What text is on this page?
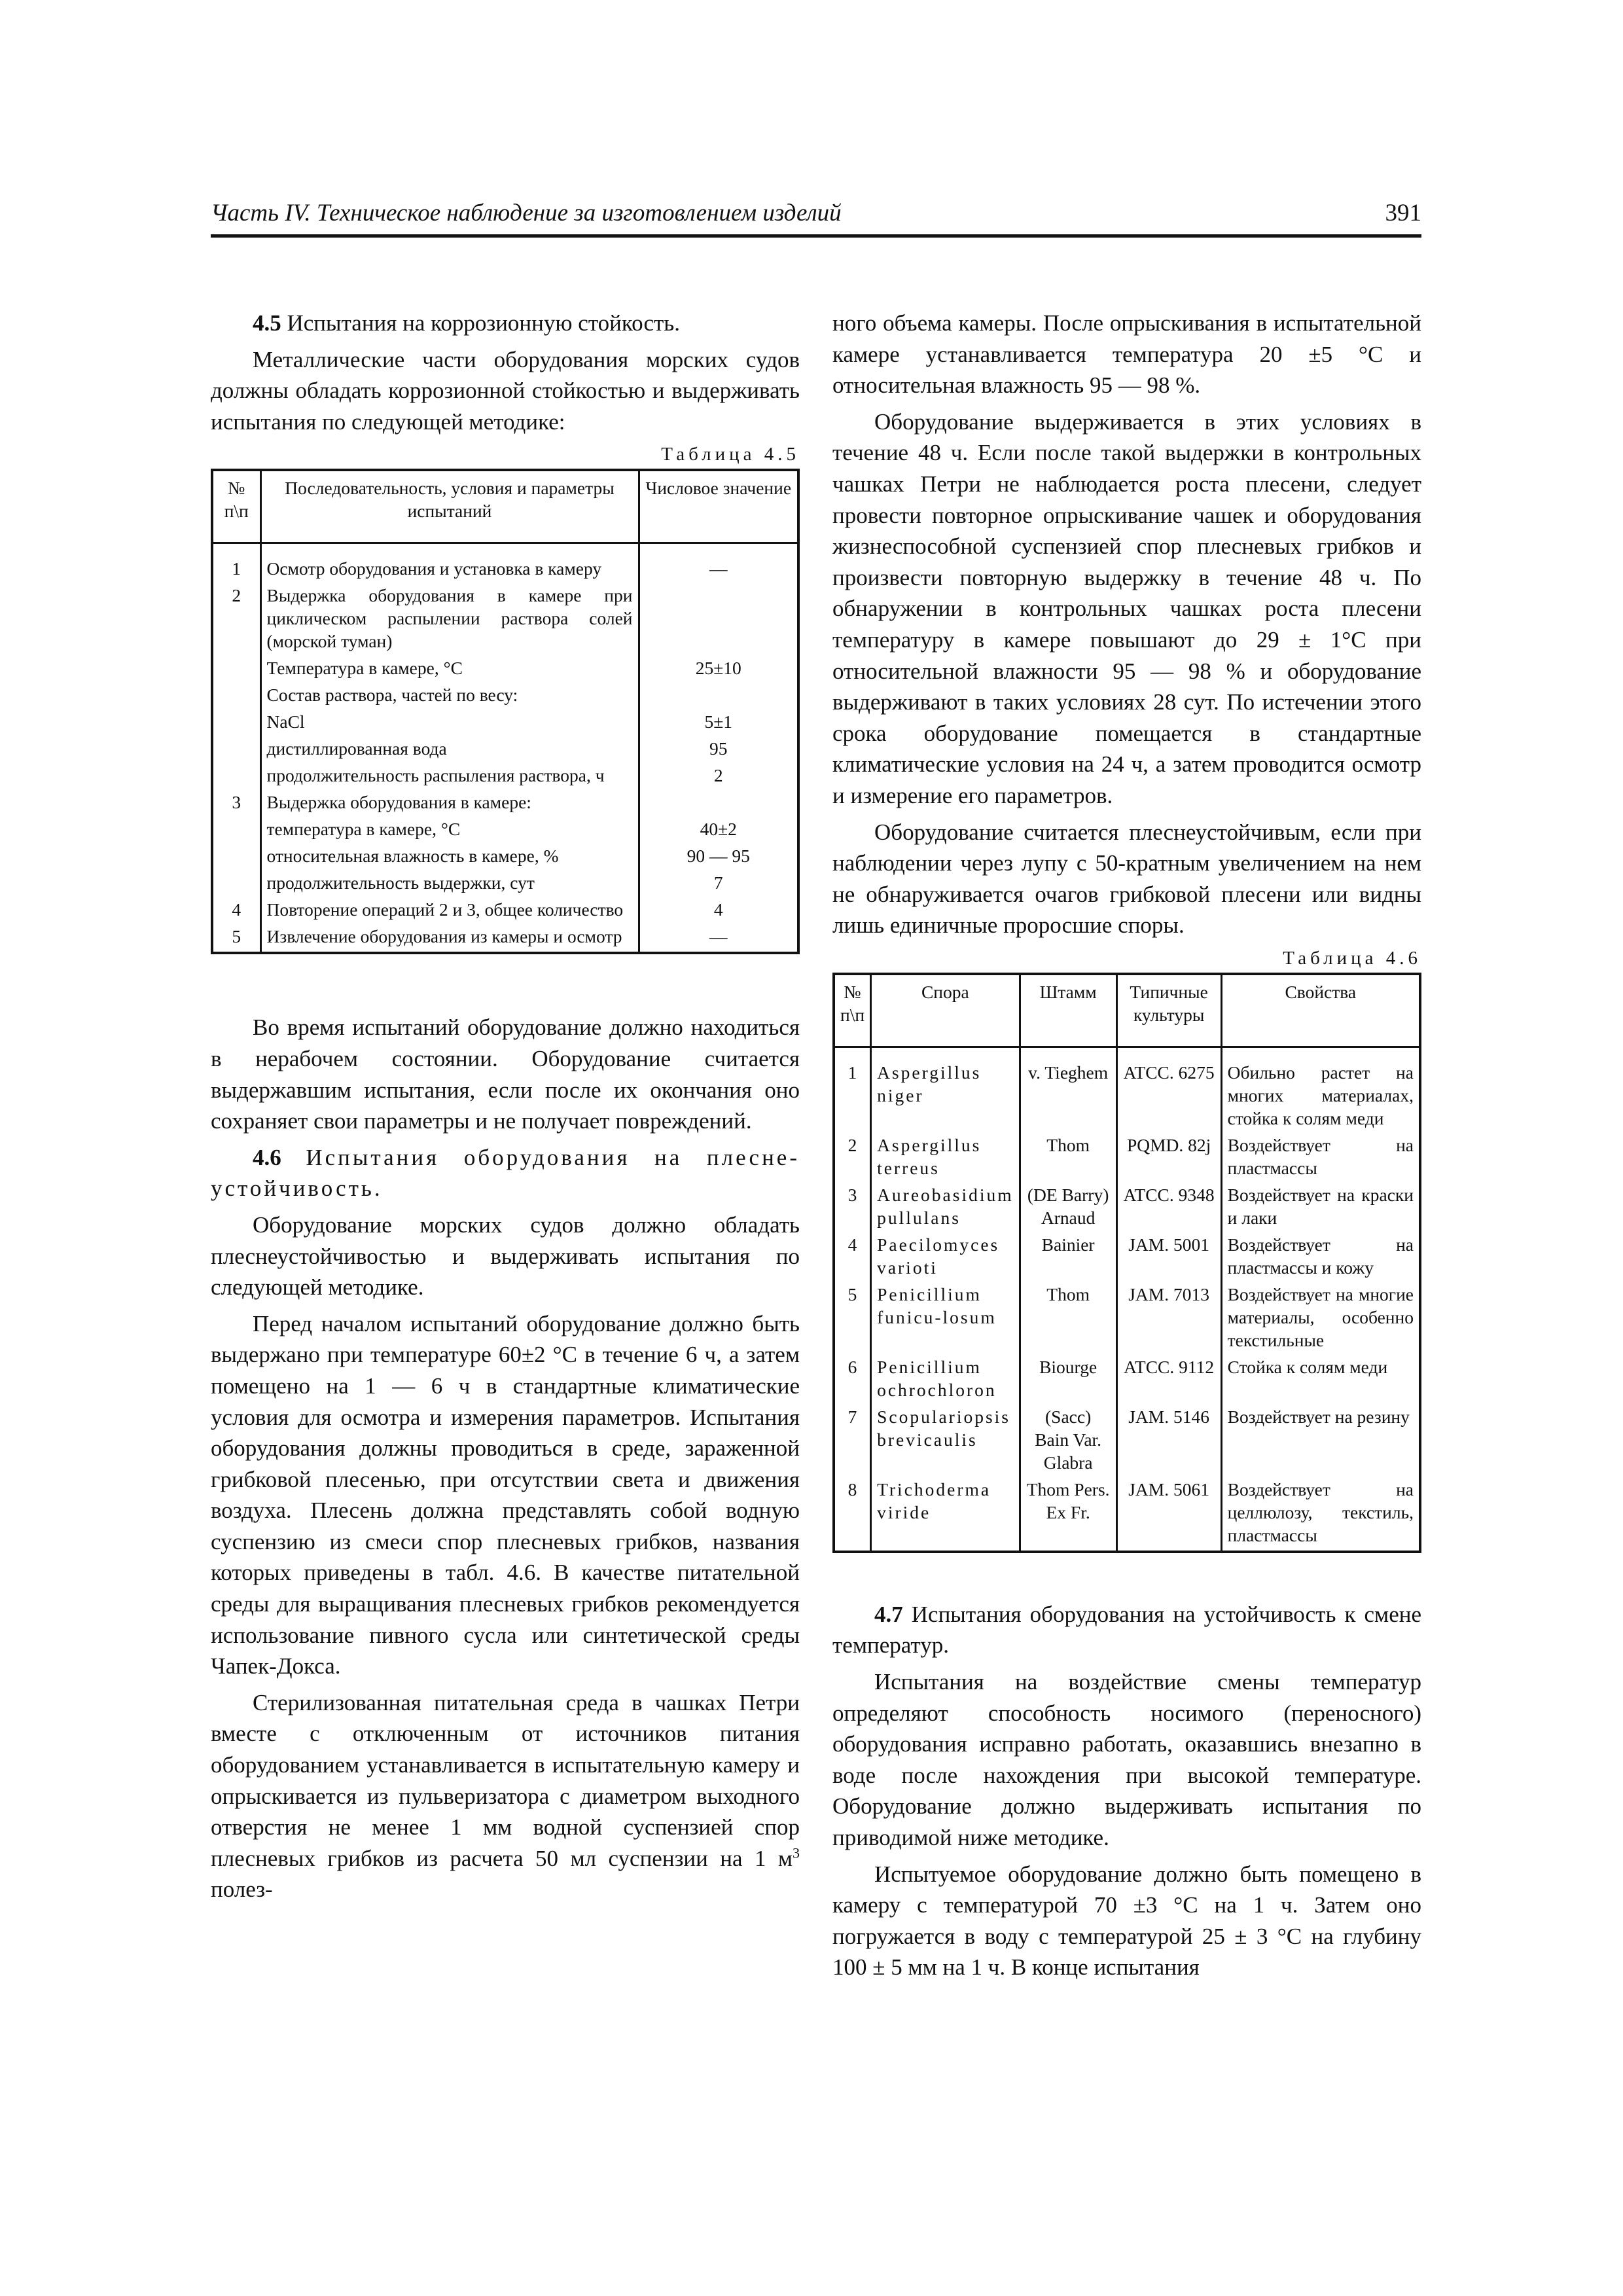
Часть IV. Техническое наблюдение за изготовлением изделий	391

4.5 Испытания на коррозионную стойкость.

Металлические части оборудования морских судов должны обладать коррозионной стойкостью и выдерживать испытания по следующей методике:

Таблица 4.5
№ п\п	Последовательность, условия и параметры испытаний	Числовое значение
1	Осмотр оборудования и установка в камеру	—
2	Выдержка оборудования в камере при циклическом распылении раствора солей (морской туман)	
	Температура в камере, °С	25±10
	Состав раствора, частей по весу:	
	NaCl	5±1
	дистиллированная вода	95
	продолжительность распыления раствора, ч	2
3	Выдержка оборудования в камере:	
	температура в камере, °С	40±2
	относительная влажность в камере, %	90 — 95
	продолжительность выдержки, сут	7
4	Повторение операций 2 и 3, общее количество	4
5	Извлечение оборудования из камеры и осмотр	—

Во время испытаний оборудование должно находиться в нерабочем состоянии. Оборудование считается выдержавшим испытания, если после их окончания оно сохраняет свои параметры и не получает повреждений.

4.6 Испытания оборудования на плесне-устойчивость.

Оборудование морских судов должно обладать плеснеустойчивостью и выдерживать испытания по следующей методике.

Перед началом испытаний оборудование должно быть выдержано при температуре 60±2 °С в течение 6 ч, а затем помещено на 1 — 6 ч в стандартные климатические условия для осмотра и измерения параметров. Испытания оборудования должны проводиться в среде, зараженной грибковой плесенью, при отсутствии света и движения воздуха. Плесень должна представлять собой водную суспензию из смеси спор плесневых грибков, названия которых приведены в табл. 4.6. В качестве питательной среды для выращивания плесневых грибков рекомендуется использование пивного сусла или синтетической среды Чапек-Докса.

Стерилизованная питательная среда в чашках Петри вместе с отключенным от источников питания оборудованием устанавливается в испытательную камеру и опрыскивается из пульверизатора с диаметром выходного отверстия не менее 1 мм водной суспензией спор плесневых грибков из расчета 50 мл суспензии на 1 $м^3$ полез-

ного объема камеры. После опрыскивания в испытательной камере устанавливается температура 20 ±5 °С и относительная влажность 95 — 98 %.

Оборудование выдерживается в этих условиях в течение 48 ч. Если после такой выдержки в контрольных чашках Петри не наблюдается роста плесени, следует провести повторное опрыскивание чашек и оборудования жизнеспособной суспензией спор плесневых грибков и произвести повторную выдержку в течение 48 ч. По обнаружении в контрольных чашках роста плесени температуру в камере повышают до 29 ± 1°С при относительной влажности 95 — 98 % и оборудование выдерживают в таких условиях 28 сут. По истечении этого срока оборудование помещается в стандартные климатические условия на 24 ч, а затем проводится осмотр и измерение его параметров.

Оборудование считается плеснеустойчивым, если при наблюдении через лупу с 50-кратным увеличением на нем не обнаруживается очагов грибковой плесени или видны лишь единичные проросшие споры.

Таблица 4.6
№ п\п	Спора	Штамм	Типичные культуры	Свойства
1	Aspergillus niger	v. Tieghem	ATCC. 6275	Обильно растет на многих материалах, стойка к солям меди
2	Aspergillus terreus	Thom	PQMD. 82j	Воздействует на пластмассы
3	Aureobasidium pullulans	(DE Barry) Arnaud	ATCC. 9348	Воздействует на краски и лаки
4	Paecilomyces varioti	Bainier	JAM. 5001	Воздействует на пластмассы и кожу
5	Penicillium funicu-losum	Thom	JAM. 7013	Воздействует на многие материалы, особенно текстильные
6	Penicillium ochrochloron	Biourge	ATCC. 9112	Стойка к солям меди
7	Scopulariopsis brevicaulis	(Sacc) Bain Var. Glabra	JAM. 5146	Воздействует на резину
8	Trichoderma viride	Thom Pers. Ex Fr.	JAM. 5061	Воздействует на целлюлозу, текстиль, пластмассы

4.7 Испытания оборудования на устойчивость к смене температур.

Испытания на воздействие смены температур определяют способность носимого (переносного) оборудования исправно работать, оказавшись внезапно в воде после нахождения при высокой температуре. Оборудование должно выдерживать испытания по приводимой ниже методике.

Испытуемое оборудование должно быть помещено в камеру с температурой 70 ±3 °С на 1 ч. Затем оно погружается в воду с температурой 25 ± 3 °С на глубину 100 ± 5 мм на 1 ч. В конце испытания
